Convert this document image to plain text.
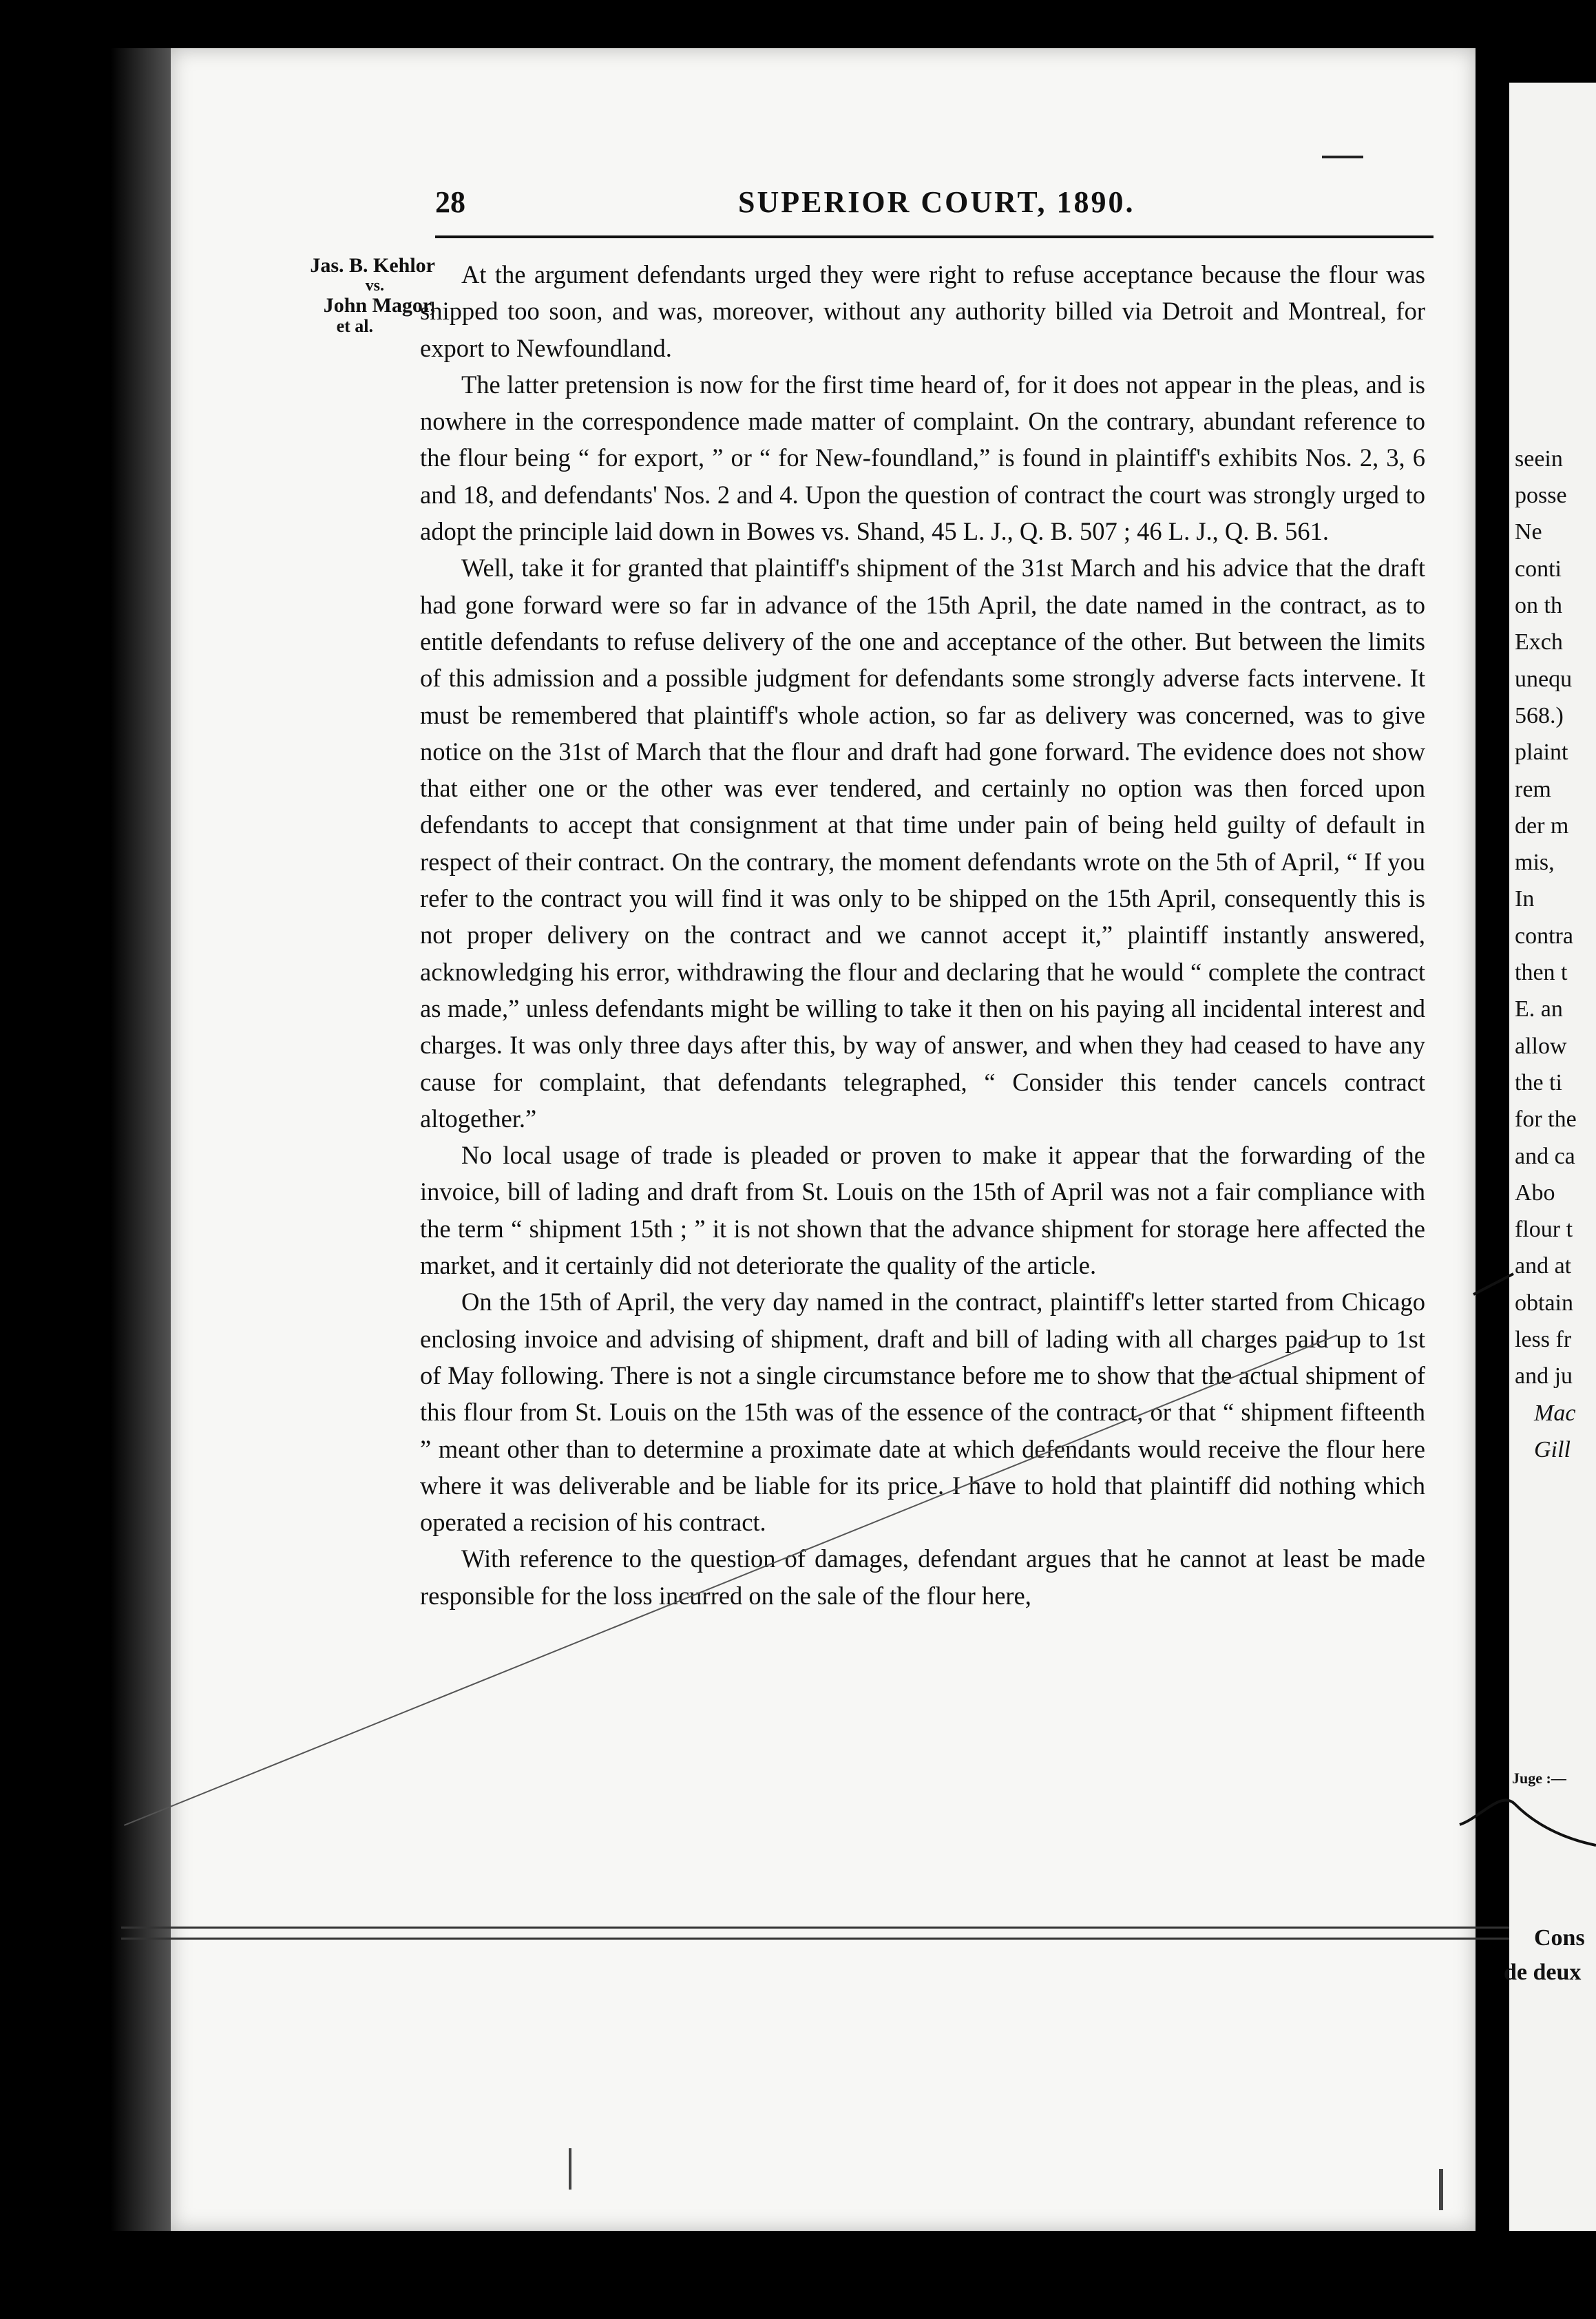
28	SUPERIOR COURT, 1890.
Jas. B. Kehlor
vs.
John Magor,
et al.

At the argument defendants urged they were right to refuse acceptance because the flour was shipped too soon, and was, moreover, without any authority billed via Detroit and Montreal, for export to Newfoundland.

The latter pretension is now for the first time heard of, for it does not appear in the pleas, and is nowhere in the correspondence made matter of complaint. On the contrary, abundant reference to the flour being “ for export, ” or “ for New-foundland,” is found in plaintiff's exhibits Nos. 2, 3, 6 and 18, and defendants' Nos. 2 and 4. Upon the question of contract the court was strongly urged to adopt the principle laid down in Bowes vs. Shand, 45 L. J., Q. B. 507 ; 46 L. J., Q. B. 561.

Well, take it for granted that plaintiff's shipment of the 31st March and his advice that the draft had gone forward were so far in advance of the 15th April, the date named in the contract, as to entitle defendants to refuse delivery of the one and acceptance of the other. But between the limits of this admission and a possible judgment for defendants some strongly adverse facts intervene. It must be remembered that plaintiff's whole action, so far as delivery was concerned, was to give notice on the 31st of March that the flour and draft had gone forward. The evidence does not show that either one or the other was ever tendered, and certainly no option was then forced upon defendants to accept that consignment at that time under pain of being held guilty of default in respect of their contract. On the contrary, the moment defendants wrote on the 5th of April, “ If you refer to the contract you will find it was only to be shipped on the 15th April, consequently this is not proper delivery on the contract and we cannot accept it,” plaintiff instantly answered, acknowledging his error, withdrawing the flour and declaring that he would “ complete the contract as made,” unless defendants might be willing to take it then on his paying all incidental interest and charges. It was only three days after this, by way of answer, and when they had ceased to have any cause for complaint, that defendants telegraphed, “ Consider this tender cancels contract altogether.”

No local usage of trade is pleaded or proven to make it appear that the forwarding of the invoice, bill of lading and draft from St. Louis on the 15th of April was not a fair compliance with the term “ shipment 15th ; ” it is not shown that the advance shipment for storage here affected the market, and it certainly did not deteriorate the quality of the article.

On the 15th of April, the very day named in the contract, plaintiff's letter started from Chicago enclosing invoice and advising of shipment, draft and bill of lading with all charges paid up to 1st of May following. There is not a single circumstance before me to show that the actual shipment of this flour from St. Louis on the 15th was of the essence of the contract, or that “ shipment fifteenth ” meant other than to determine a proximate date at which defendants would receive the flour here where it was deliverable and be liable for its price. I have to hold that plaintiff did nothing which operated a recision of his contract.

With reference to the question of damages, defendant argues that he cannot at least be made responsible for the loss incurred on the sale of the flour here,

seein
posse
Ne
conti
on th
Exch
unequ
568.)
plaint
rem
der m
mis,
In
contra
then t
E. an
allow
the ti
for the
and ca
Abo
flour t
and at
obtain
less fr
and ju
Mac
Gill
Juge :—
Cons
de deux
